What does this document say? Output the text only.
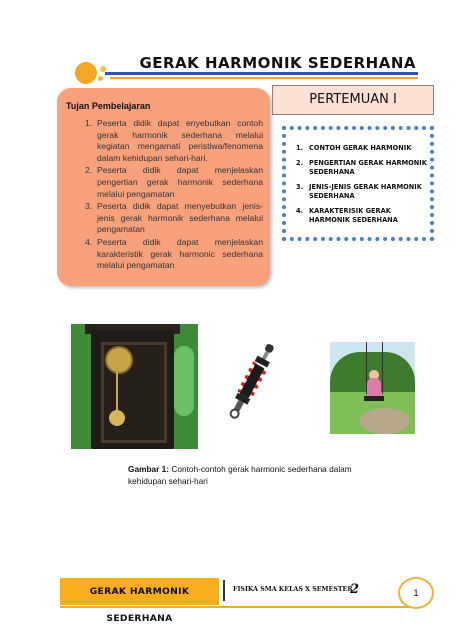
GERAK HARMONIK SEDERHANA
Tujan Pembelajaran
1. Peserta didik dapat enyebutkan contoh gerak harmonik sederhana melalui kegiatan mengamati peristiwa/fenomena dalam kehidupan sehari-hari.
2. Peserta didik dapat menjelaskan pengertian gerak harmonik sederhana melalui pengamatan
3. Peserta didik dapat menyebutkan jenis-jenis gerak harmonik sederhana melalui pengamatan
4. Peserta didik dapat menjelaskan karakteristik gerak harmonic sederhana melalui pengamatan
PERTEMUAN I
1. CONTOH GERAK HARMONIK
2. PENGERTIAN GERAK HARMONIK SEDERHANA
3. JENIS-JENIS GERAK HARMONIK SEDERHANA
4. KARAKTERISIK GERAK HARMONIK SEDERHANA
Gambar 1: Contoh-contoh gerak harmonic sederhana dalam kehidupan sehari-hari
GERAK HARMONIK SEDERHANA
FISIKA SMA KELAS X SEMESTER
2	1
